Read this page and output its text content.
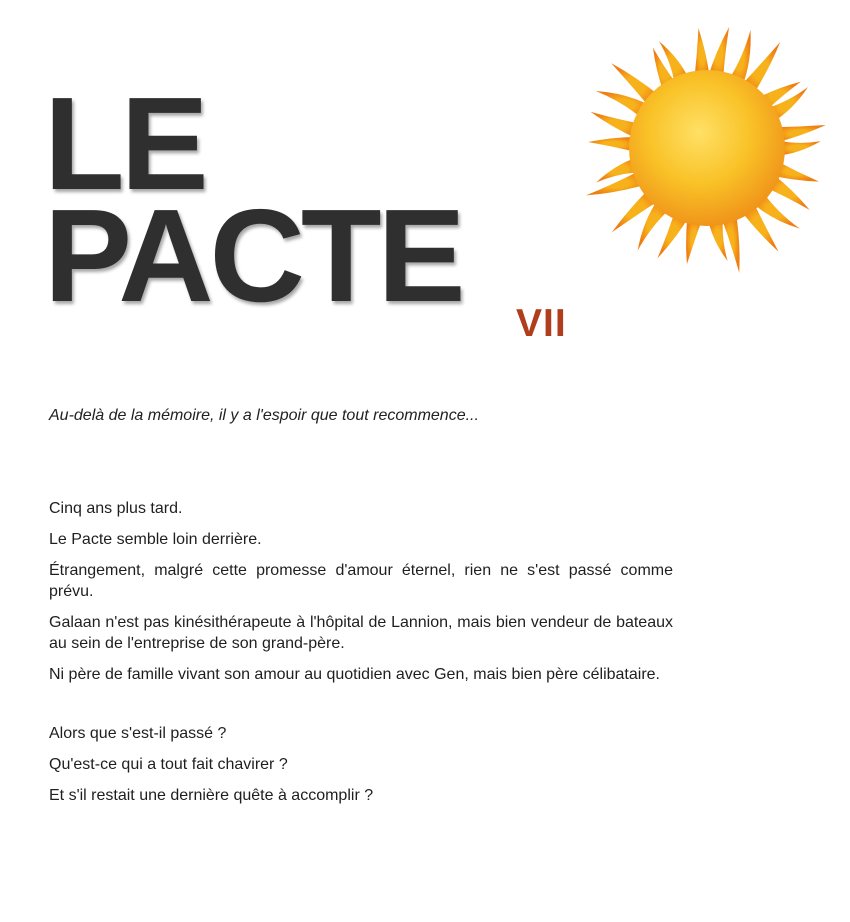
LE
PACTE VII

Au-delà de la mémoire, il y a l'espoir que tout recommence...

Cinq ans plus tard.

Le Pacte semble loin derrière.

Étrangement, malgré cette promesse d'amour éternel, rien ne s'est passé comme prévu.

Galaan n'est pas kinésithérapeute à l'hôpital de Lannion, mais bien vendeur de bateaux au sein de l'entreprise de son grand-père.

Ni père de famille vivant son amour au quotidien avec Gen, mais bien père célibataire.

Alors que s'est-il passé ?

Qu'est-ce qui a tout fait chavirer ?

Et s'il restait une dernière quête à accomplir ?
